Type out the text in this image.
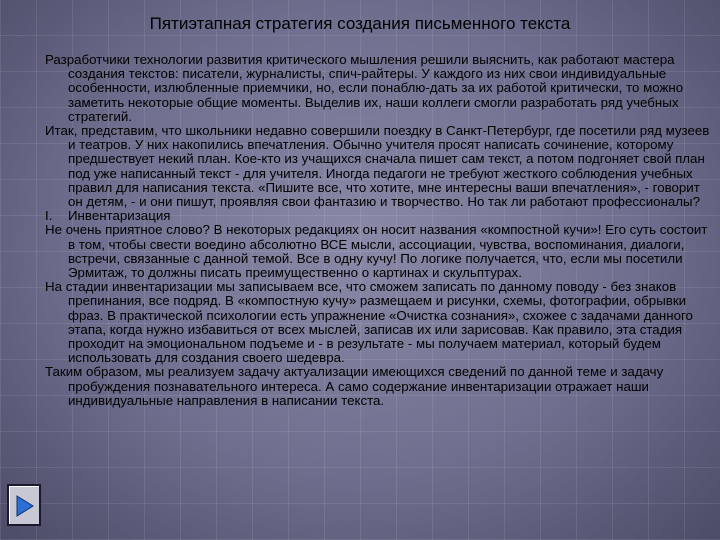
Пятиэтапная стратегия создания письменного текста

Разработчики технологии развития критического мышления решили выяснить, как работают мастера создания текстов: писатели, журналисты, спич-райтеры. У каждого из них свои индивидуальные особенности, излюбленные приемчики, но, если понаблю-дать за их работой критически, то можно заметить некоторые общие моменты. Выделив их, наши коллеги смогли разработать ряд учебных стратегий.

Итак, представим, что школьники недавно совершили поездку в Санкт-Петербург, где посетили ряд музеев и театров. У них накопились впечатления. Обычно учителя просят написать сочинение, которому предшествует некий план. Кое-кто из учащихся сначала пишет сам текст, а потом подгоняет свой план под уже написанный текст - для учителя. Иногда педагоги не требуют жесткого соблюдения учебных правил для написания текста. «Пишите все, что хотите, мне интересны ваши впечатления», - говорит он детям, - и они пишут, проявляя свои фантазию и творчество. Но так ли работают профессионалы?

I. Инвентаризация

Не очень приятное слово? В некоторых редакциях он носит названия «компостной кучи»! Его суть состоит в том, чтобы свести воедино абсолютно ВСЕ мысли, ассоциации, чувства, воспоминания, диалоги, встречи, связанные с данной темой. Все в одну кучу! По логике получается, что, если мы посетили Эрмитаж, то должны писать преимущественно о картинах и скульптурах.

На стадии инвентаризации мы записываем все, что сможем записать по данному поводу - без знаков препинания, все подряд. В «компостную кучу» размещаем и рисунки, схемы, фотографии, обрывки фраз. В практической психологии есть упражнение «Очистка сознания», схожее с задачами данного этапа, когда нужно избавиться от всех мыслей, записав их или зарисовав. Как правило, эта стадия проходит на эмоциональном подъеме и - в результате - мы получаем материал, который будем использовать для создания своего шедевра.

Таким образом, мы реализуем задачу актуализации имеющихся сведений по данной теме и задачу пробуждения познавательного интереса. А само содержание инвентаризации отражает наши индивидуальные направления в написании текста.
